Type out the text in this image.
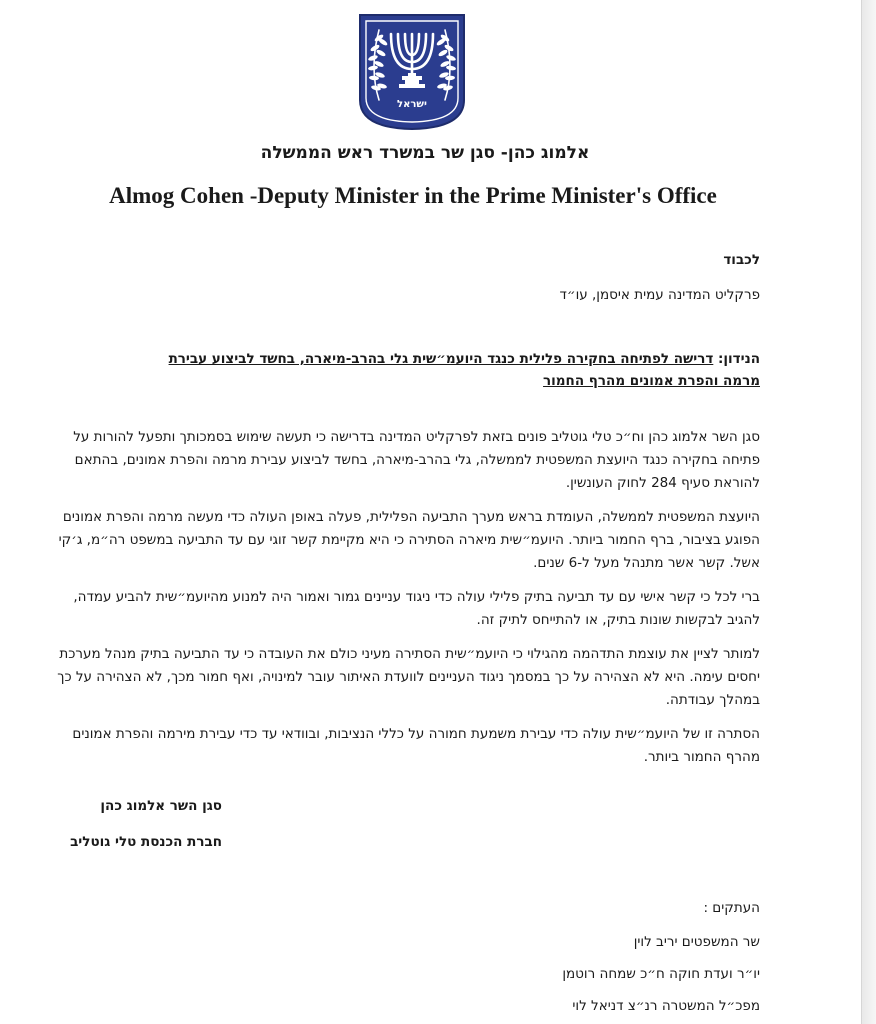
ישראל
אלמוג כהן- סגן שר במשרד ראש הממשלה
Almog Cohen -Deputy Minister in the Prime Minister's Office
לכבוד
פרקליט המדינה עמית איסמן, עו״ד
הנידון: דרישה לפתיחה בחקירה פלילית כנגד היועמ״שית גלי בהרב-מיארה, בחשד לביצוע עבירת
מרמה והפרת אמונים מהרף החמור

סגן השר אלמוג כהן וח״כ טלי גוטליב פונים בזאת לפרקליט המדינה בדרישה כי תעשה שימוש בסמכותך ותפעל להורות על פתיחה בחקירה כנגד היועצת המשפטית לממשלה, גלי בהרב-מיארה, בחשד לביצוע עבירת מרמה והפרת אמונים, בהתאם להוראת סעיף 284 לחוק העונשין.

היועצת המשפטית לממשלה, העומדת בראש מערך התביעה הפלילית, פעלה באופן העולה כדי מעשה מרמה והפרת אמונים הפוגע בציבור, ברף החמור ביותר. היועמ״שית מיארה הסתירה כי היא מקיימת קשר זוגי עם עד התביעה במשפט רה״מ, ג׳קי אשל. קשר אשר מתנהל מעל ל-6 שנים.

ברי לכל כי קשר אישי עם עד תביעה בתיק פלילי עולה כדי ניגוד עניינים גמור ואמור היה למנוע מהיועמ״שית להביע עמדה, להגיב לבקשות שונות בתיק, או להתייחס לתיק זה.

למותר לציין את עוצמת התדהמה מהגילוי כי היועמ״שית הסתירה מעיני כולם את העובדה כי עד התביעה בתיק מנהל מערכת יחסים עימה. היא לא הצהירה על כך במסמך ניגוד העניינים לוועדת האיתור עובר למינויה, ואף חמור מכך, לא הצהירה על כך במהלך עבודתה.

הסתרה זו של היועמ״שית עולה כדי עבירת משמעת חמורה על כללי הנציבות, ובוודאי עד כדי עבירת מירמה והפרת אמונים מהרף החמור ביותר.

סגן השר אלמוג כהן
חברת הכנסת טלי גוטליב
העתקים :
שר המשפטים יריב לוין
יו״ר ועדת חוקה ח״כ שמחה רוטמן
מפכ״ל המשטרה רנ״צ דניאל לוי
